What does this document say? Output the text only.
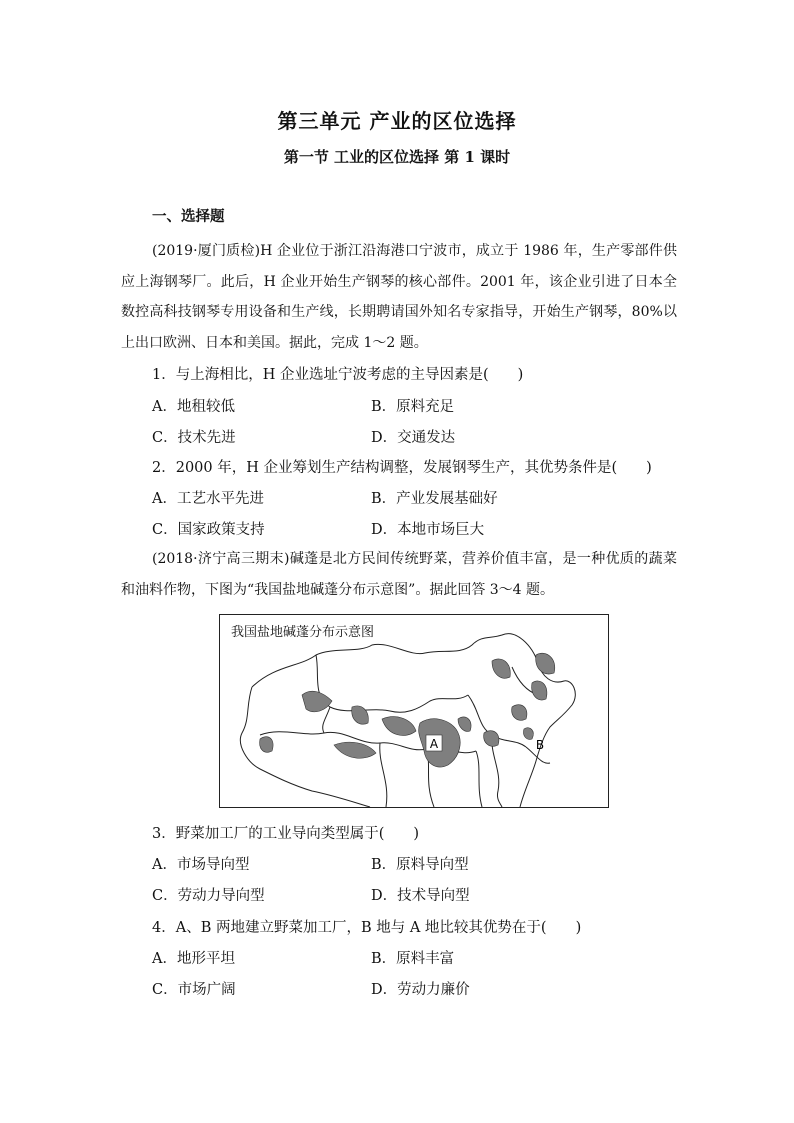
第三单元 产业的区位选择
第一节 工业的区位选择 第 1 课时
一、选择题
(2019·厦门质检)H 企业位于浙江沿海港口宁波市，成立于 1986 年，生产零部件供应上海钢琴厂。此后，H 企业开始生产钢琴的核心部件。2001 年，该企业引进了日本全数控高科技钢琴专用设备和生产线，长期聘请国外知名专家指导，开始生产钢琴，80%以上出口欧洲、日本和美国。据此，完成 1～2 题。
1．与上海相比，H 企业选址宁波考虑的主导因素是(　　)
A．地租较低	B．原料充足
C．技术先进	D．交通发达
2．2000 年，H 企业筹划生产结构调整，发展钢琴生产，其优势条件是(　　)
A．工艺水平先进	B．产业发展基础好
C．国家政策支持	D．本地市场巨大
(2018·济宁高三期末)碱蓬是北方民间传统野菜，营养价值丰富，是一种优质的蔬菜和油料作物，下图为“我国盐地碱蓬分布示意图”。据此回答 3～4 题。
我国盐地碱蓬分布示意图
A	B
3．野菜加工厂的工业导向类型属于(　　)
A．市场导向型	B．原料导向型
C．劳动力导向型	D．技术导向型
4．A、B 两地建立野菜加工厂，B 地与 A 地比较其优势在于(　　)
A．地形平坦	B．原料丰富
C．市场广阔	D．劳动力廉价
